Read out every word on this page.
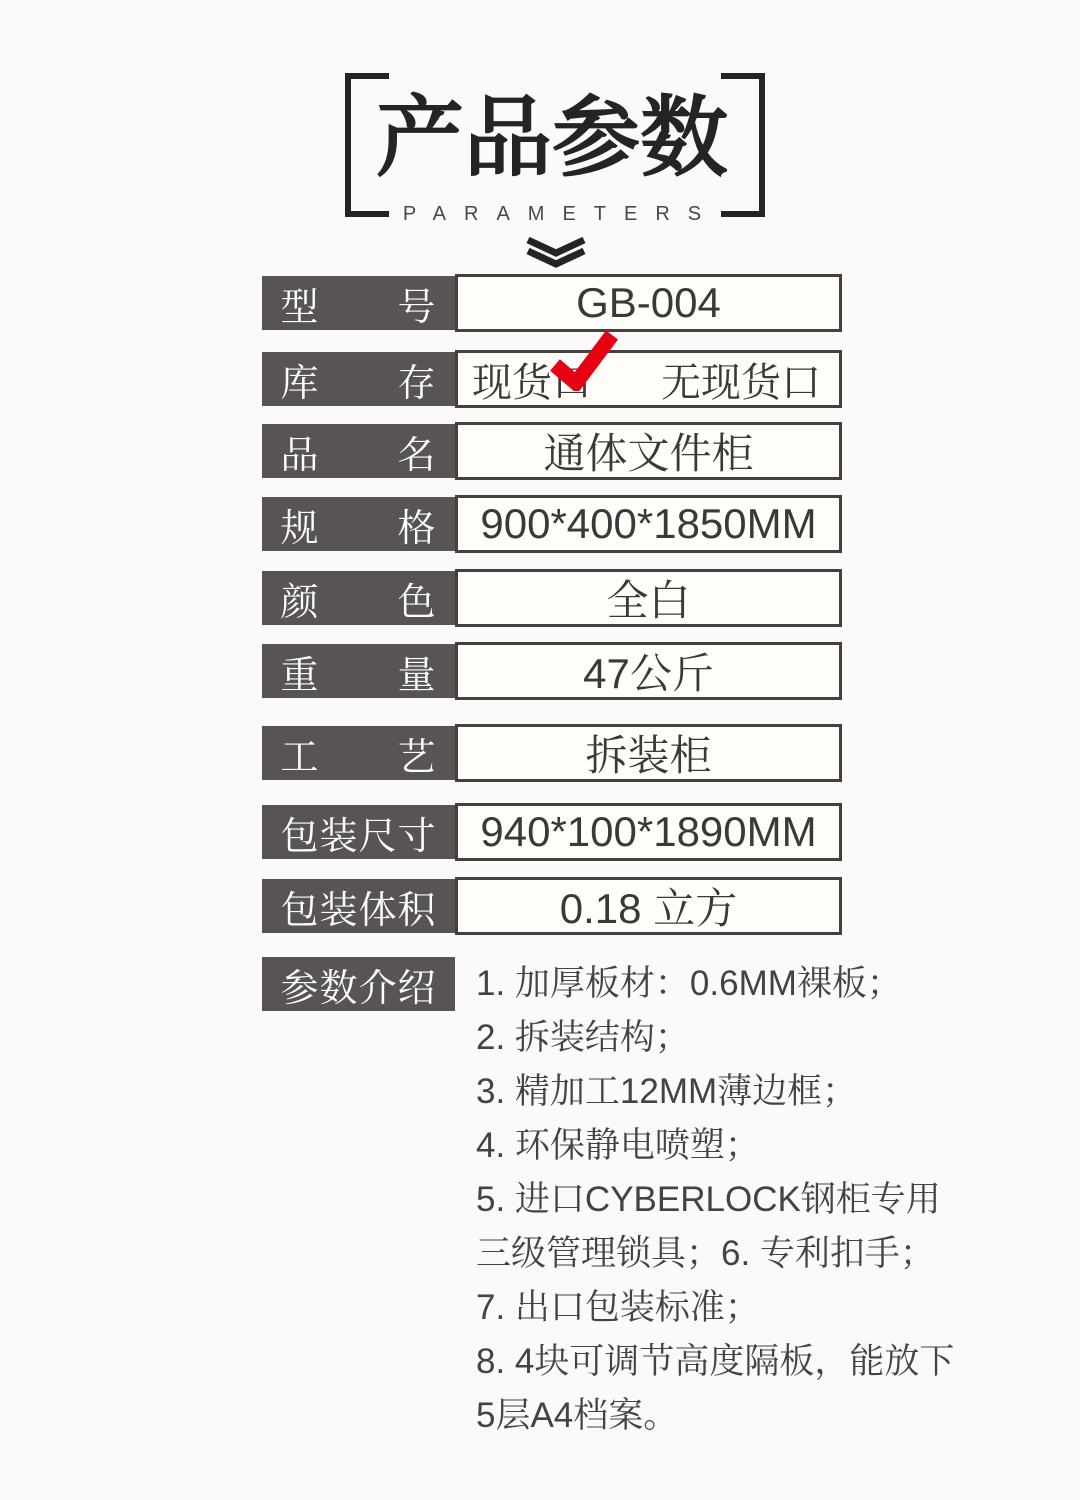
产品参数
PARAMETERS
型　　号	GB-004
库　　存 现货口 无现货口
品　　名	通体文件柜
规　　格	900*400*1850MM
颜　　色	全白
重　　量	47公斤
工　　艺	拆装柜
包装尺寸	940*100*1890MM
包装体积	0.18 立方
参数介绍	1. 加厚板材：0.6MM裸板；
2. 拆装结构；
3. 精加工12MM薄边框；
4. 环保静电喷塑；
5. 进口CYBERLOCK钢柜专用
三级管理锁具；6. 专利扣手；
7. 出口包装标准；
8. 4块可调节高度隔板，能放下
5层A4档案。
